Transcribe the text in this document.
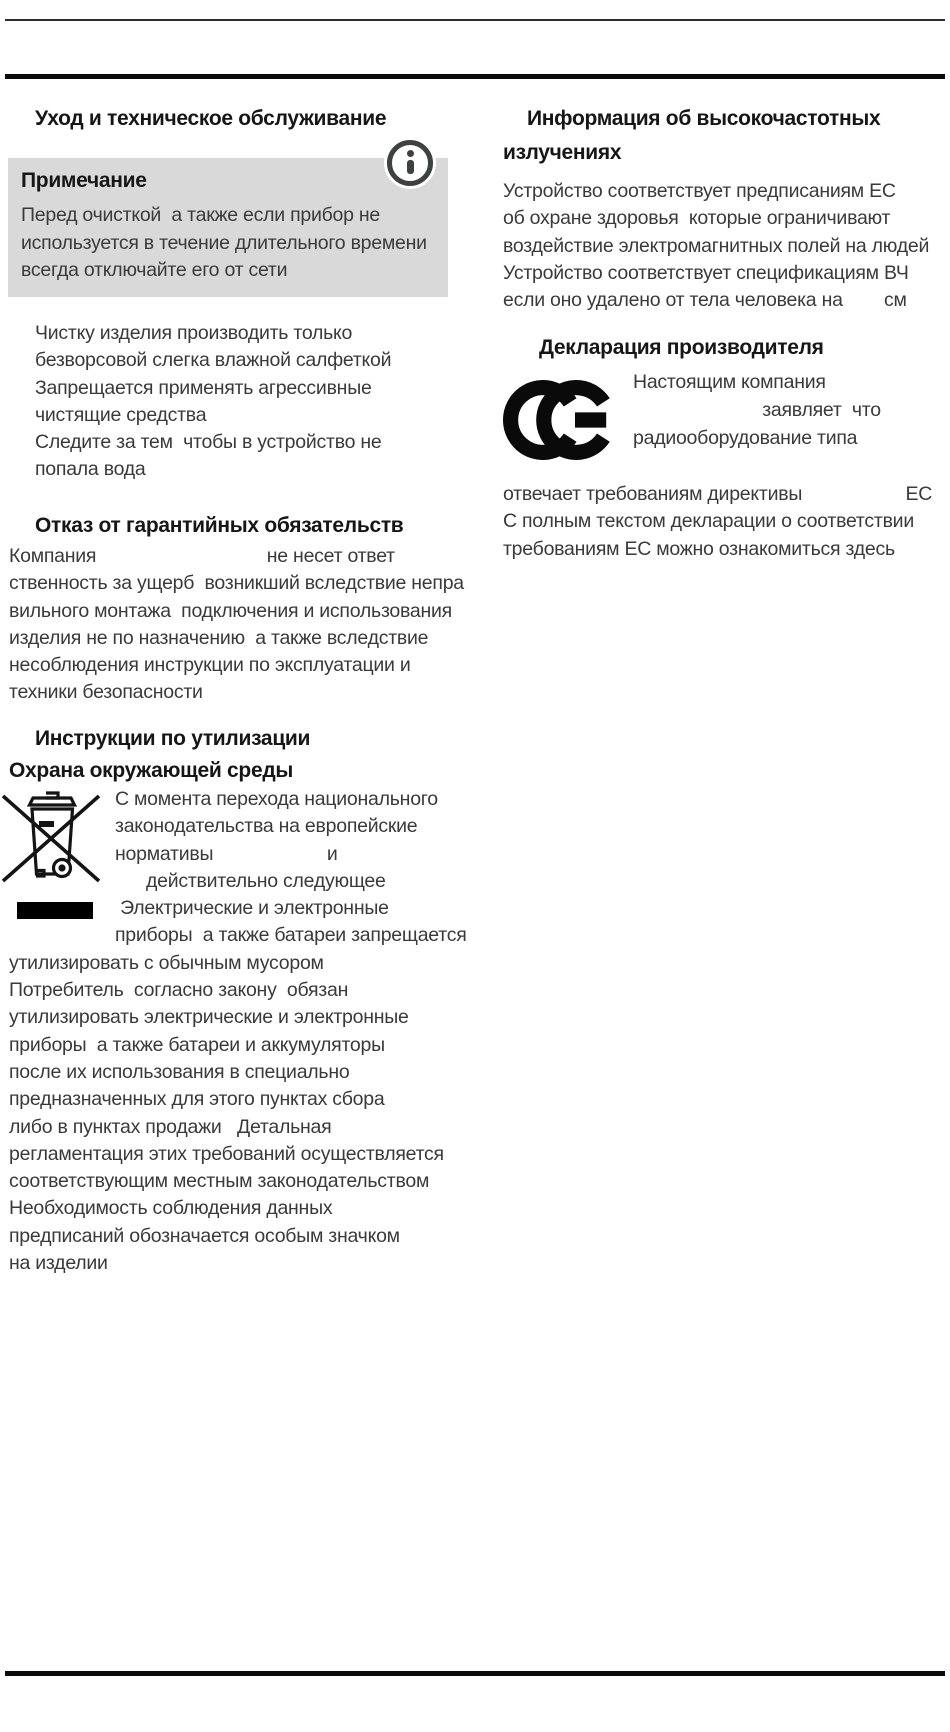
Уход и техническое обслуживание
Примечание
Перед очисткой  а также если прибор не
используется в течение длительного времени
всегда отключайте его от сети
Чистку изделия производить только
безворсовой слегка влажной салфеткой
Запрещается применять агрессивные
чистящие средства
Следите за тем  чтобы в устройство не
попала вода
Отказ от гарантийных обязательств
Компания                                 не несет ответ
ственность за ущерб  возникший вследствие непра
вильного монтажа  подключения и использования
изделия не по назначению  а также вследствие
несоблюдения инструкции по эксплуатации и
техники безопасности
Инструкции по утилизации
Охрана окружающей среды
С момента перехода национального
законодательства на европейские
нормативы                      и
действительно следующее
Электрические и электронные
приборы  а также батареи запрещается
утилизировать с обычным мусором
Потребитель  согласно закону  обязан
утилизировать электрические и электронные
приборы  а также батареи и аккумуляторы
после их использования в специально
предназначенных для этого пунктах сбора
либо в пунктах продажи   Детальная
регламентация этих требований осуществляется
соответствующим местным законодательством
Необходимость соблюдения данных
предписаний обозначается особым значком
на изделии
Информация об высокочастотных
излучениях
Устройство соответствует предписаниям ЕС
об охране здоровья  которые ограничивают
воздействие электромагнитных полей на людей
Устройство соответствует спецификациям ВЧ
если оно удалено от тела человека на        см
Декларация производителя
Настоящим компания
заявляет  что
радиооборудование типа
отвечает требованиям директивы                    ЕС
С полным текстом декларации о соответствии
требованиям ЕС можно ознакомиться здесь
